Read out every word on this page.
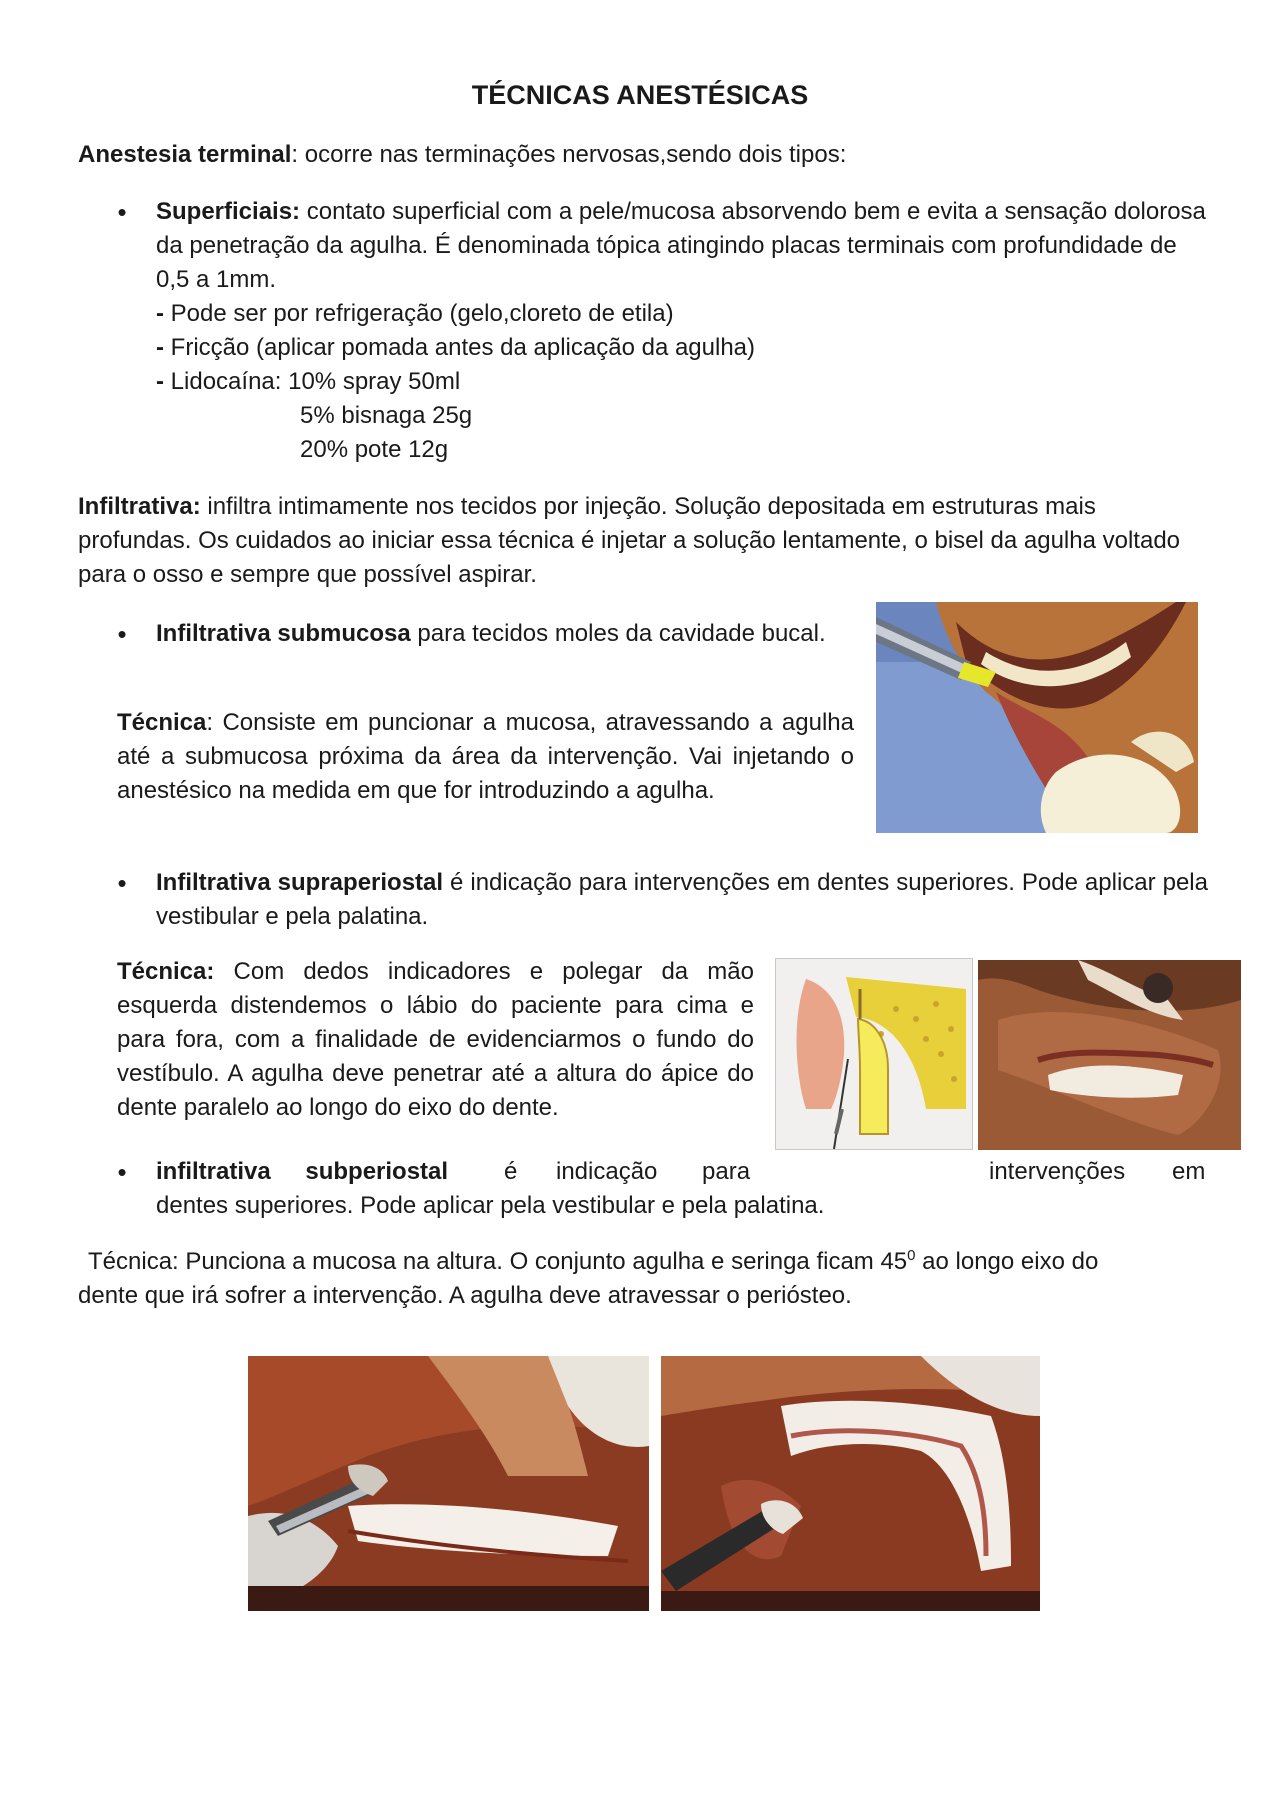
TÉCNICAS ANESTÉSICAS
Anestesia terminal: ocorre nas terminações nervosas,sendo dois tipos:
• Superficiais: contato superficial com a pele/mucosa absorvendo bem e evita a sensação dolorosa da penetração da agulha. É denominada tópica atingindo placas terminais com profundidade de 0,5 a 1mm.

- Pode ser por refrigeração (gelo,cloreto de etila)
- Fricção (aplicar pomada antes da aplicação da agulha)
- Lidocaína: 10% spray 50ml
5% bisnaga 25g
20% pote 12g
Infiltrativa: infiltra intimamente nos tecidos por injeção. Solução depositada em estruturas mais profundas. Os cuidados ao iniciar essa técnica é injetar a solução lentamente, o bisel da agulha voltado para o osso e sempre que possível aspirar.
• Infiltrativa submucosa para tecidos moles da cavidade bucal.
Técnica: Consiste em puncionar a mucosa, atravessando a agulha até a submucosa próxima da área da intervenção. Vai injetando o anestésico na medida em que for introduzindo a agulha.
• Infiltrativa supraperiostal é indicação para intervenções em dentes superiores. Pode aplicar pela vestibular e pela palatina.
Técnica: Com dedos indicadores e polegar da mão esquerda distendemos o lábio do paciente para cima e para fora, com a finalidade de evidenciarmos o fundo do vestíbulo. A agulha deve penetrar até a altura do ápice do dente paralelo ao longo do eixo do dente.
• infiltrativa subperiostal é indicação para	intervenções em
dentes superiores. Pode aplicar pela vestibular e pela palatina.
Técnica: Punciona a mucosa na altura. O conjunto agulha e seringa ficam $45^0$ ao longo eixo do
dente que irá sofrer a intervenção. A agulha deve atravessar o periósteo.
